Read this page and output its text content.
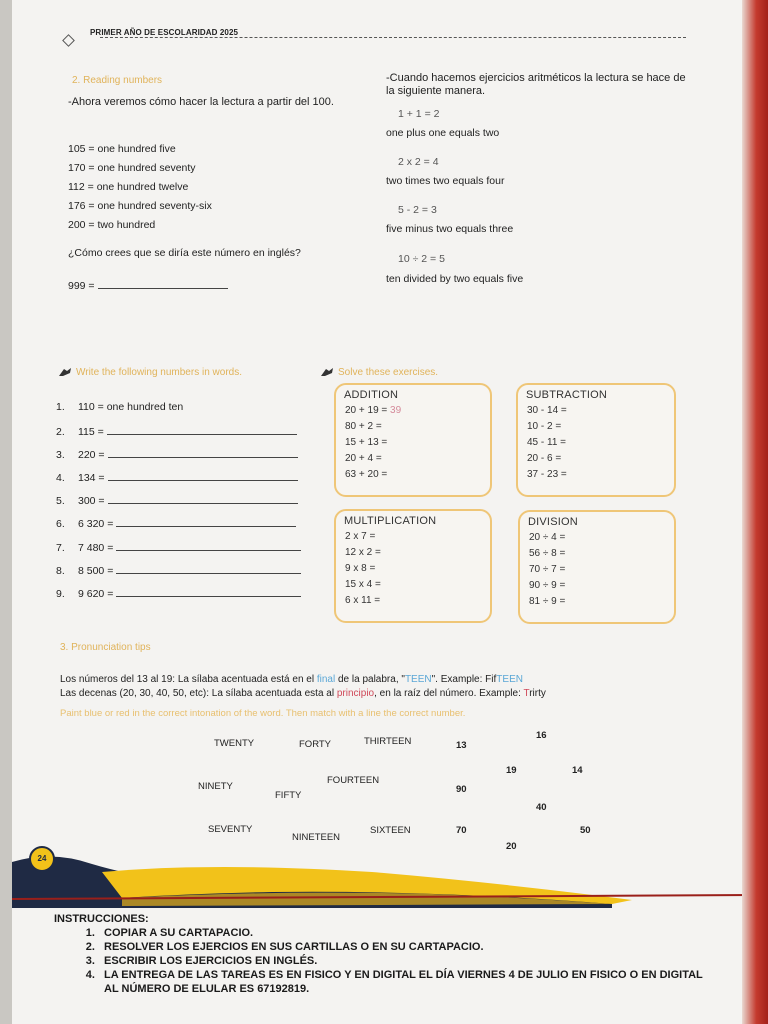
PRIMER AÑO DE ESCOLARIDAD 2025
2. Reading numbers
-Ahora veremos cómo hacer la lectura a partir del 100.
105 = one hundred five
170 = one hundred seventy
112 = one hundred twelve
176 = one hundred seventy-six
200 = two hundred
¿Cómo crees que se diría este número en inglés?
999 =
-Cuando hacemos ejercicios aritméticos la lectura se hace de la siguiente manera.
1 + 1 = 2
one plus one equals two
2 x 2 = 4
two times two equals four
5 - 2 = 3
five minus two equals three
10 ÷ 2 = 5
ten divided by two equals five
Write the following numbers in words.
1. 110 = one hundred ten
2. 115 =
3. 220 =
4. 134 =
5. 300 =
6. 6 320 =
7. 7 480 =
8. 8 500 =
9. 9 620 =
Solve these exercises.
ADDITION
20 + 19 = 39
80 + 2 =
15 + 13 =
20 + 4 =
63 + 20 =
SUBTRACTION
30 - 14 =
10 - 2 =
45 - 11 =
20 - 6 =
37 - 23 =
MULTIPLICATION
2 x 7 =
12 x 2 =
9 x 8 =
15 x 4 =
6 x 11 =
DIVISION
20 ÷ 4 =
56 ÷ 8 =
70 ÷ 7 =
90 ÷ 9 =
81 ÷ 9 =
3. Pronunciation tips
Los números del 13 al 19: La sílaba acentuada está en el final de la palabra, "TEEN". Example: FifTEEN
Las decenas (20, 30, 40, 50, etc): La sílaba acentuada esta al principio, en la raíz del número. Example: Trirty
Paint blue or red in the correct intonation of the word. Then match with a line the correct number.
TWENTY	FORTY	THIRTEEN
NINETY
FIFTY
FOURTEEN
SEVENTY
NINETEEN
SIXTEEN
16
13
19	14
90
40
70	50
20
24
INSTRUCCIONES:
1. COPIAR A SU CARTAPACIO.
2. RESOLVER LOS EJERCIOS EN SUS CARTILLAS O EN SU CARTAPACIO.
3. ESCRIBIR LOS EJERCICIOS EN INGLÉS.
4. LA ENTREGA DE LAS TAREAS ES EN FISICO Y EN DIGITAL EL DÍA VIERNES 4 DE JULIO EN FISICO O EN DIGITAL AL NÚMERO DE ELULAR ES 67192819.
